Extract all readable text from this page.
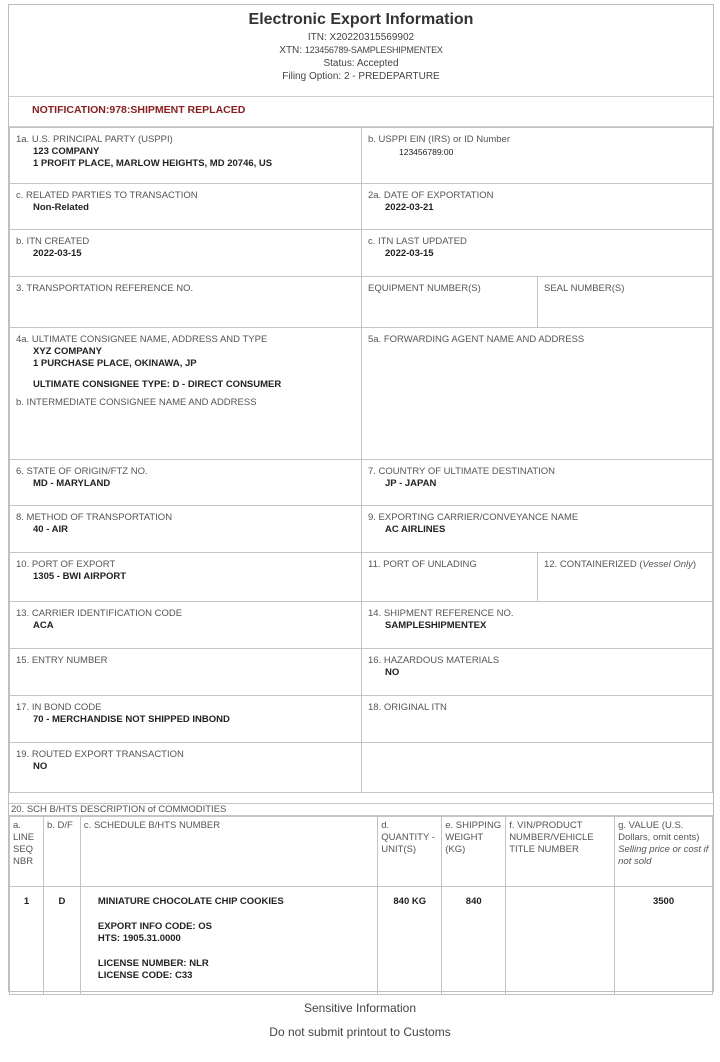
Electronic Export Information
ITN: X20220315569902
XTN: 123456789-SAMPLESHIPMENTEX
Status: Accepted
Filing Option: 2 - PREDEPARTURE
NOTIFICATION:978:SHIPMENT REPLACED
1a. U.S. PRINCIPAL PARTY (USPPI)
123 COMPANY
1 PROFIT PLACE, MARLOW HEIGHTS, MD 20746, US
b. USPPI EIN (IRS) or ID Number
123456789:00
c. RELATED PARTIES TO TRANSACTION
Non-Related
2a. DATE OF EXPORTATION
2022-03-21
b. ITN CREATED
2022-03-15
c. ITN LAST UPDATED
2022-03-15
3. TRANSPORTATION REFERENCE NO.	EQUIPMENT NUMBER(S)	SEAL NUMBER(S)
4a. ULTIMATE CONSIGNEE NAME, ADDRESS AND TYPE
XYZ COMPANY
1 PURCHASE PLACE, OKINAWA, JP
ULTIMATE CONSIGNEE TYPE: D - DIRECT CONSUMER
b. INTERMEDIATE CONSIGNEE NAME AND ADDRESS
5a. FORWARDING AGENT NAME AND ADDRESS
6. STATE OF ORIGIN/FTZ NO.
MD - MARYLAND
7. COUNTRY OF ULTIMATE DESTINATION
JP - JAPAN
8. METHOD OF TRANSPORTATION
40 - AIR
9. EXPORTING CARRIER/CONVEYANCE NAME
AC AIRLINES
10. PORT OF EXPORT
1305 - BWI AIRPORT
11. PORT OF UNLADING	12. CONTAINERIZED (Vessel Only)
13. CARRIER IDENTIFICATION CODE
ACA
14. SHIPMENT REFERENCE NO.
SAMPLESHIPMENTEX
15. ENTRY NUMBER	16. HAZARDOUS MATERIALS
NO
17. IN BOND CODE
70 - MERCHANDISE NOT SHIPPED INBOND
18. ORIGINAL ITN
19. ROUTED EXPORT TRANSACTION
NO
20. SCH B/HTS DESCRIPTION of COMMODITIES
a. LINE SEQ NBR	b. D/F	c. SCHEDULE B/HTS NUMBER	d. QUANTITY - UNIT(S)	e. SHIPPING WEIGHT (KG)	f. VIN/PRODUCT NUMBER/VEHICLE TITLE NUMBER	g. VALUE (U.S. Dollars, omit cents) Selling price or cost if not sold
1	D	MINIATURE CHOCOLATE CHIP COOKIES
EXPORT INFO CODE: OS
HTS: 1905.31.0000
LICENSE NUMBER: NLR
LICENSE CODE: C33	840 KG	840		3500
Sensitive Information
Do not submit printout to Customs
